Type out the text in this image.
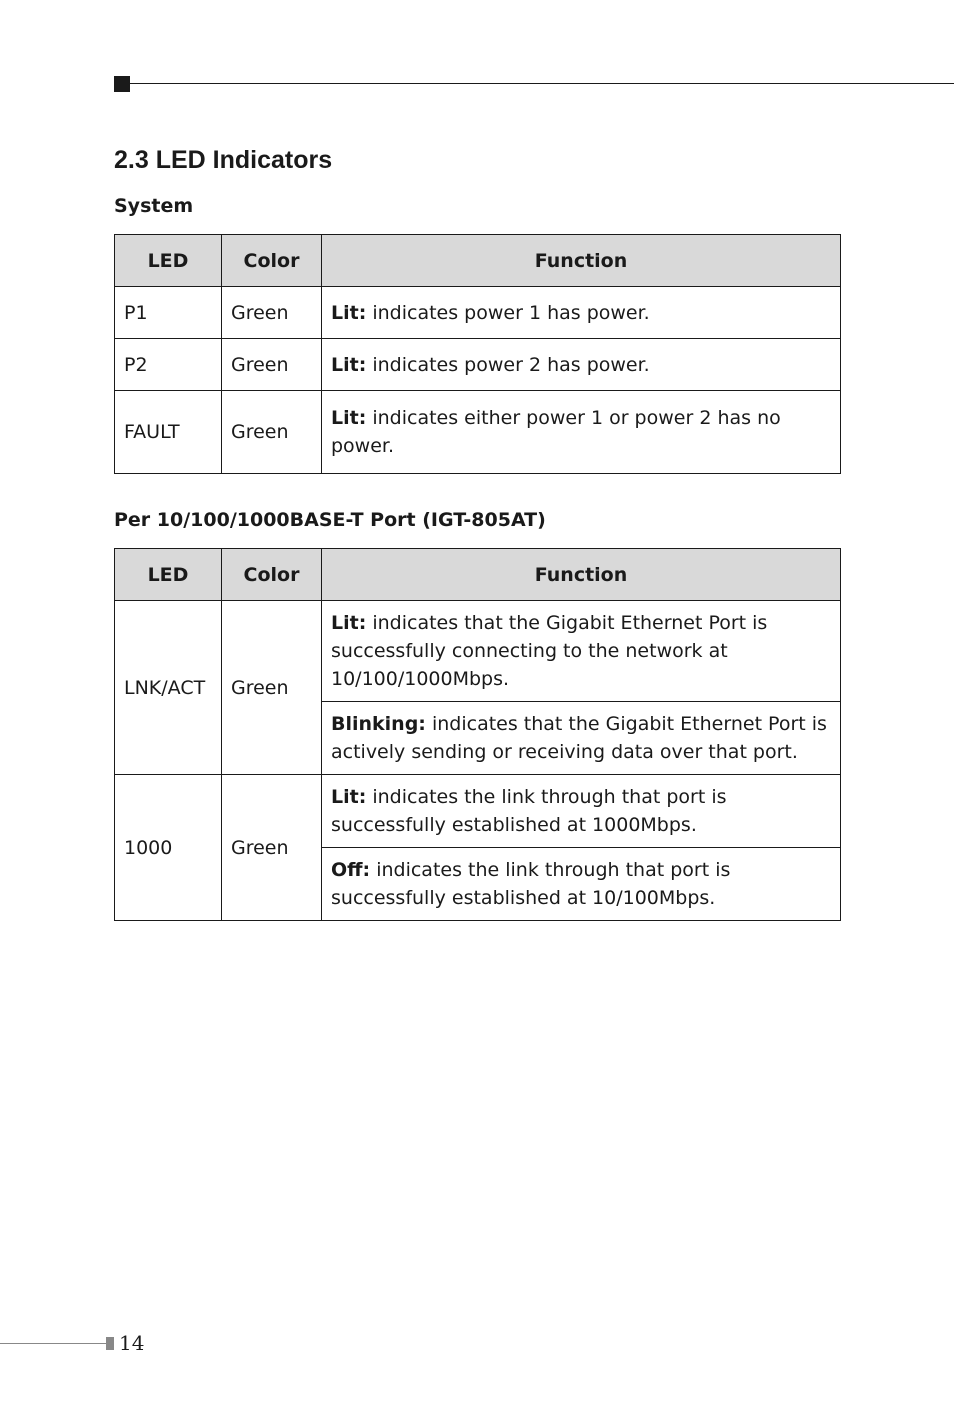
2.3 LED Indicators
System
LED	Color	Function
P1	Green	Lit: indicates power 1 has power.
P2	Green	Lit: indicates power 2 has power.
FAULT	Green	Lit: indicates either power 1 or power 2 has no power.
Per 10/100/1000BASE-T Port (IGT-805AT)
LED	Color	Function
LNK/ACT	Green	Lit: indicates that the Gigabit Ethernet Port is successfully connecting to the network at 10/100/1000Mbps.
		Blinking: indicates that the Gigabit Ethernet Port is actively sending or receiving data over that port.
1000	Green	Lit: indicates the link through that port is successfully established at 1000Mbps.
		Off: indicates the link through that port is successfully established at 10/100Mbps.
14
